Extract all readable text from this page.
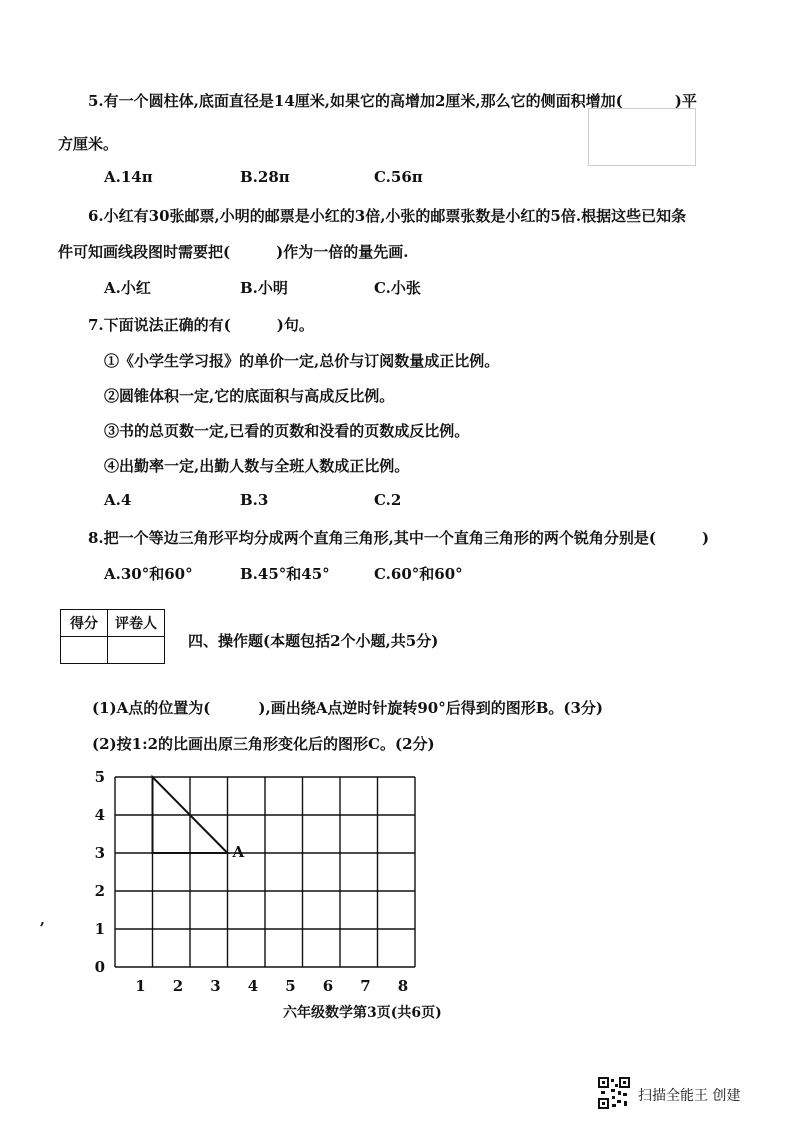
5.有一个圆柱体,底面直径是14厘米,如果它的高增加2厘米,那么它的侧面积增加(	)平
方厘米。
A.14π	B.28π	C.56π
6.小红有30张邮票,小明的邮票是小红的3倍,小张的邮票张数是小红的5倍.根据这些已知条
件可知画线段图时需要把(	)作为一倍的量先画.
A.小红	B.小明	C.小张
7.下面说法正确的有(	)句。
①《小学生学习报》的单价一定,总价与订阅数量成正比例。
②圆锥体积一定,它的底面积与高成反比例。
③书的总页数一定,已看的页数和没看的页数成反比例。
④出勤率一定,出勤人数与全班人数成正比例。
A.4	B.3	C.2
8.把一个等边三角形平均分成两个直角三角形,其中一个直角三角形的两个锐角分别是(	)
A.30°和60°	B.45°和45°	C.60°和60°
得分	评卷人

四、操作题(本题包括2个小题,共5分)
(1)A点的位置为(	),画出绕A点逆时针旋转90°后得到的图形B。(3分)
(2)按1:2的比画出原三角形变化后的图形C。(2分)
1 2 3 4 5 6 7 8
0
1
2
3
4
5
A
六年级数学第3页(共6页)
,
扫描全能王 创建
